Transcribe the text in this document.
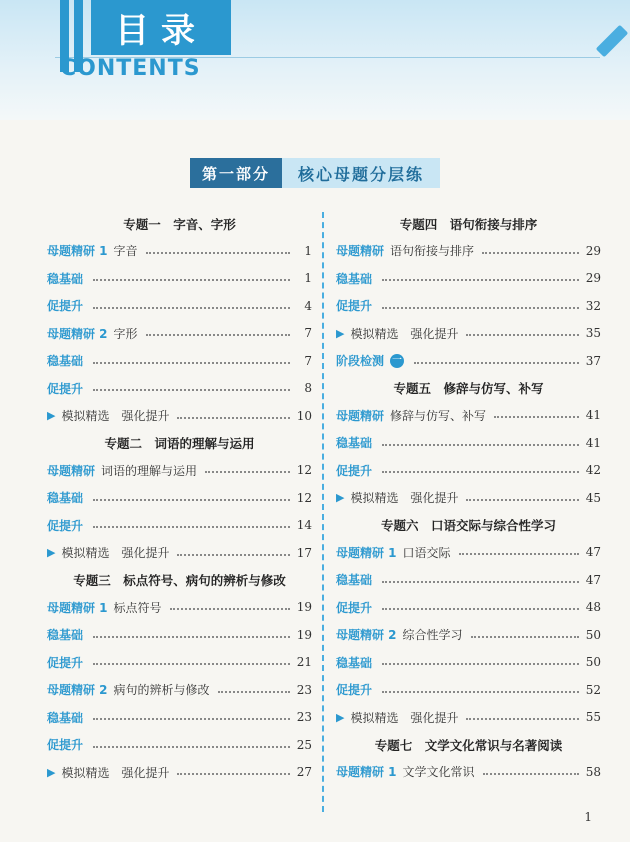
目录
CONTENTS
第一部分	核心母题分层练
专题一　字音、字形
母题精研 1 字音	1
稳基础	1
促提升	4
母题精研 2 字形	7
稳基础	7
促提升	8
▶ 模拟精选　强化提升	10
专题二　词语的理解与运用
母题精研 词语的理解与运用	12
稳基础	12
促提升	14
▶ 模拟精选　强化提升	17
专题三　标点符号、病句的辨析与修改
母题精研 1 标点符号	19
稳基础	19
促提升	21
母题精研 2 病句的辨析与修改	23
稳基础	23
促提升	25
▶ 模拟精选　强化提升	27
专题四　语句衔接与排序
母题精研 语句衔接与排序	29
稳基础	29
促提升	32
▶ 模拟精选　强化提升	35
阶段检测 一	37
专题五　修辞与仿写、补写
母题精研 修辞与仿写、补写	41
稳基础	41
促提升	42
▶ 模拟精选　强化提升	45
专题六　口语交际与综合性学习
母题精研 1 口语交际	47
稳基础	47
促提升	48
母题精研 2 综合性学习	50
稳基础	50
促提升	52
▶ 模拟精选　强化提升	55
专题七　文学文化常识与名著阅读
母题精研 1 文学文化常识	58
1
